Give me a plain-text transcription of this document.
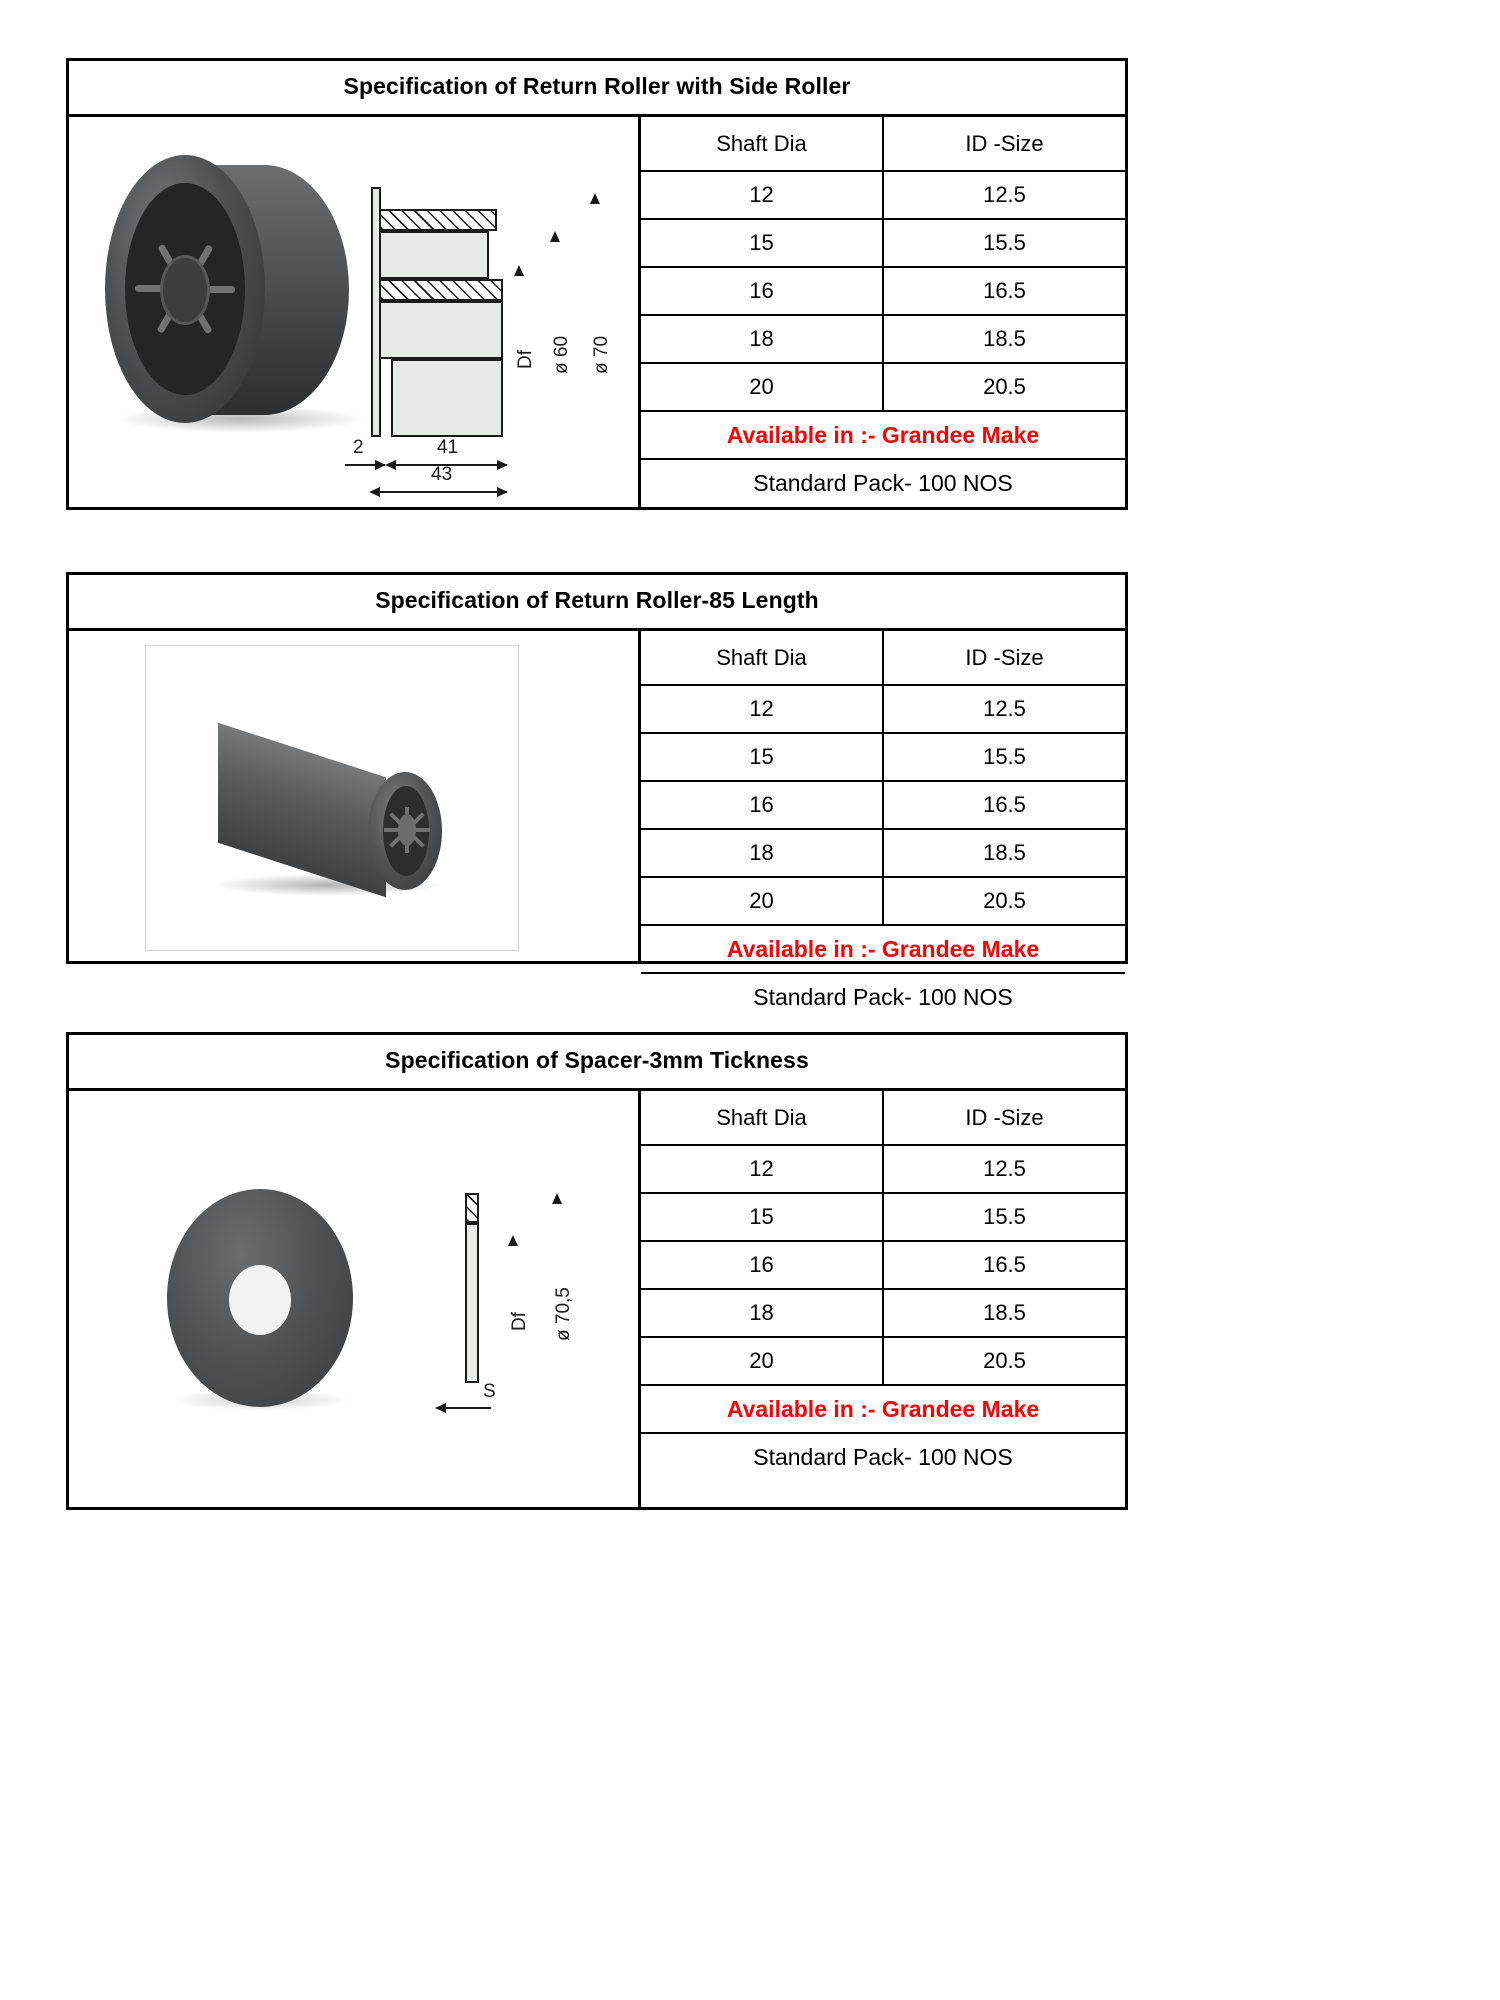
Specification of Return Roller with Side Roller
Df ø 60 ø 70
2	41
43
Shaft Dia	ID -Size
12	12.5
15	15.5
16	16.5
18	18.5
20	20.5

Available in :- Grandee Make	

Standard Pack- 100 NOS	
Specification of Return Roller-85 Length
Shaft Dia	ID -Size
12	12.5
15	15.5
16	16.5
18	18.5
20	20.5

Available in :- Grandee Make	

Standard Pack- 100 NOS	
Specification of Spacer-3mm Tickness
Df ø 70,5
S
Shaft Dia	ID -Size
12	12.5
15	15.5
16	16.5
18	18.5
20	20.5

Available in :- Grandee Make	

Standard Pack- 100 NOS	
